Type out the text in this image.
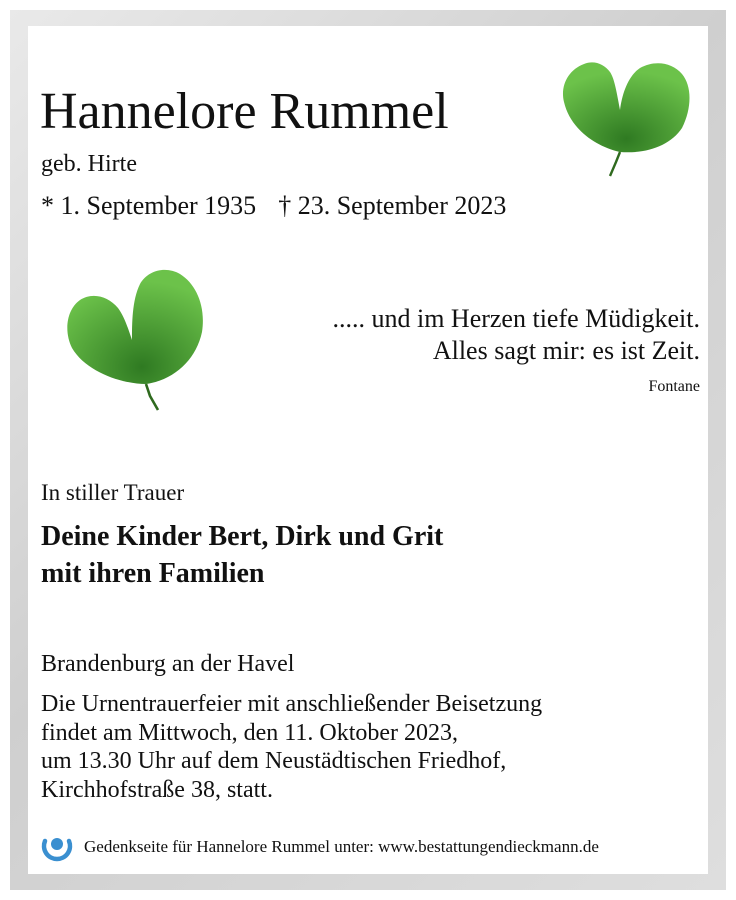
Hannelore Rummel
geb. Hirte
* 1. September 1935 † 23. September 2023
..... und im Herzen tiefe Müdigkeit.
Alles sagt mir: es ist Zeit.
Fontane
In stiller Trauer
Deine Kinder Bert, Dirk und Grit
mit ihren Familien
Brandenburg an der Havel
Die Urnentrauerfeier mit anschließender Beisetzung
findet am Mittwoch, den 11. Oktober 2023,
um 13.30 Uhr auf dem Neustädtischen Friedhof,
Kirchhofstraße 38, statt.
Gedenkseite für Hannelore Rummel unter: www.bestattungendieckmann.de
